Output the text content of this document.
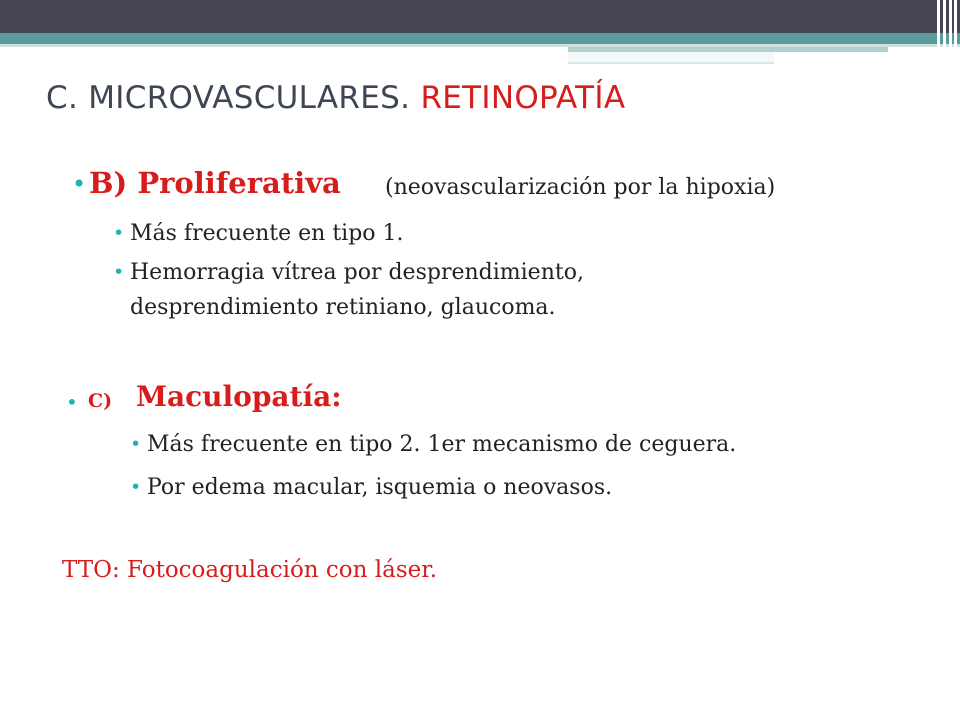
C. MICROVASCULARES. RETINOPATÍA
• B) Proliferativa (neovascularización por la hipoxia)
• Más frecuente en tipo 1.
• Hemorragia vítrea por desprendimiento,
desprendimiento retiniano, glaucoma.
• C) Maculopatía:
• Más frecuente en tipo 2. 1er mecanismo de ceguera.
• Por edema macular, isquemia o neovasos.
TTO: Fotocoagulación con láser.
